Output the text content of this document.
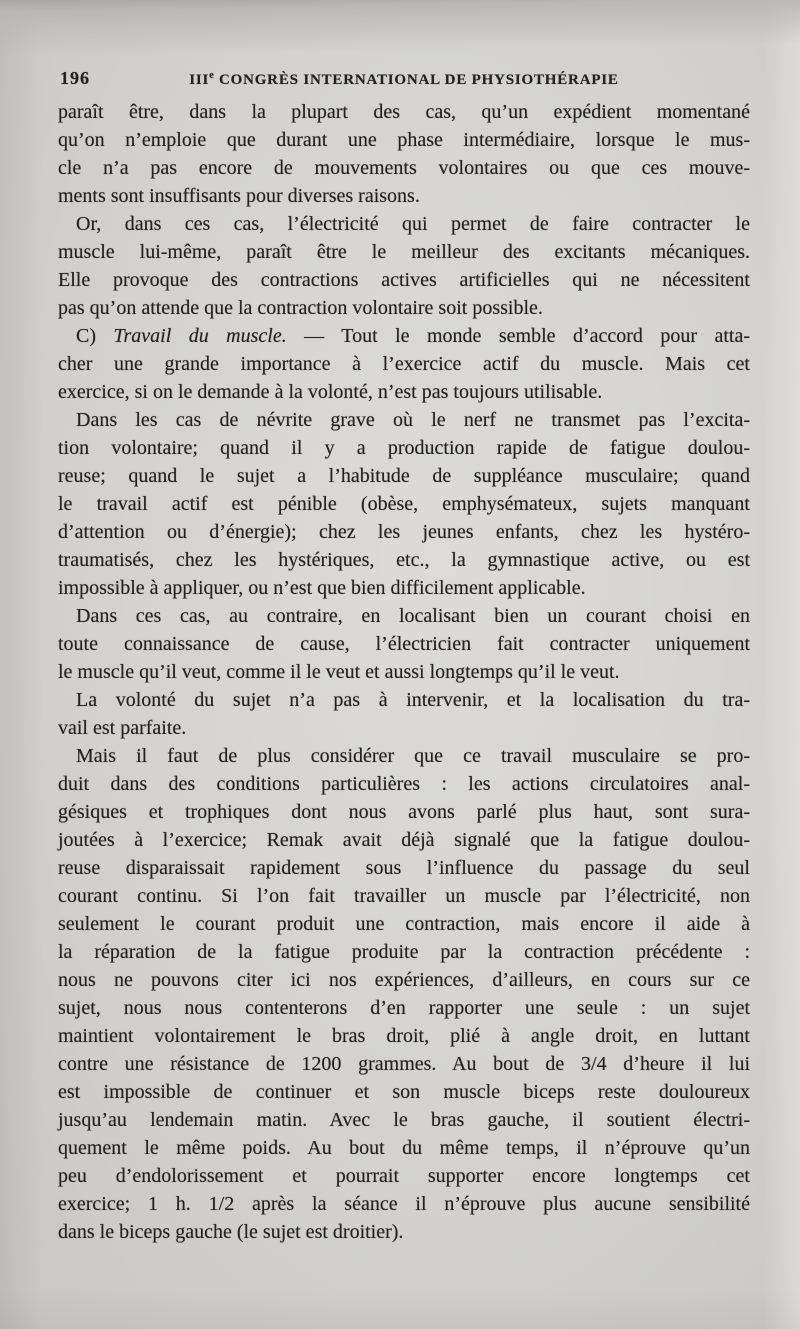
196	IIIe CONGRÈS INTERNATIONAL DE PHYSIOTHÉRAPIE
paraît être, dans la plupart des cas, qu’un expédient momentané
qu’on n’emploie que durant une phase intermédiaire, lorsque le mus-
cle n’a pas encore de mouvements volontaires ou que ces mouve-
ments sont insuffisants pour diverses raisons.
Or, dans ces cas, l’électricité qui permet de faire contracter le
muscle lui-même, paraît être le meilleur des excitants mécaniques.
Elle provoque des contractions actives artificielles qui ne nécessitent
pas qu’on attende que la contraction volontaire soit possible.
C) Travail du muscle. — Tout le monde semble d’accord pour atta-
cher une grande importance à l’exercice actif du muscle. Mais cet
exercice, si on le demande à la volonté, n’est pas toujours utilisable.
Dans les cas de névrite grave où le nerf ne transmet pas l’excita-
tion volontaire; quand il y a production rapide de fatigue doulou-
reuse; quand le sujet a l’habitude de suppléance musculaire; quand
le travail actif est pénible (obèse, emphysémateux, sujets manquant
d’attention ou d’énergie); chez les jeunes enfants, chez les hystéro-
traumatisés, chez les hystériques, etc., la gymnastique active, ou est
impossible à appliquer, ou n’est que bien difficilement applicable.
Dans ces cas, au contraire, en localisant bien un courant choisi en
toute connaissance de cause, l’électricien fait contracter uniquement
le muscle qu’il veut, comme il le veut et aussi longtemps qu’il le veut.
La volonté du sujet n’a pas à intervenir, et la localisation du tra-
vail est parfaite.
Mais il faut de plus considérer que ce travail musculaire se pro-
duit dans des conditions particulières : les actions circulatoires anal-
gésiques et trophiques dont nous avons parlé plus haut, sont sura-
joutées à l’exercice; Remak avait déjà signalé que la fatigue doulou-
reuse disparaissait rapidement sous l’influence du passage du seul
courant continu. Si l’on fait travailler un muscle par l’électricité, non
seulement le courant produit une contraction, mais encore il aide à
la réparation de la fatigue produite par la contraction précédente :
nous ne pouvons citer ici nos expériences, d’ailleurs, en cours sur ce
sujet, nous nous contenterons d’en rapporter une seule : un sujet
maintient volontairement le bras droit, plié à angle droit, en luttant
contre une résistance de 1200 grammes. Au bout de 3/4 d’heure il lui
est impossible de continuer et son muscle biceps reste douloureux
jusqu’au lendemain matin. Avec le bras gauche, il soutient électri-
quement le même poids. Au bout du même temps, il n’éprouve qu’un
peu d’endolorissement et pourrait supporter encore longtemps cet
exercice; 1 h. 1/2 après la séance il n’éprouve plus aucune sensibilité
dans le biceps gauche (le sujet est droitier).
